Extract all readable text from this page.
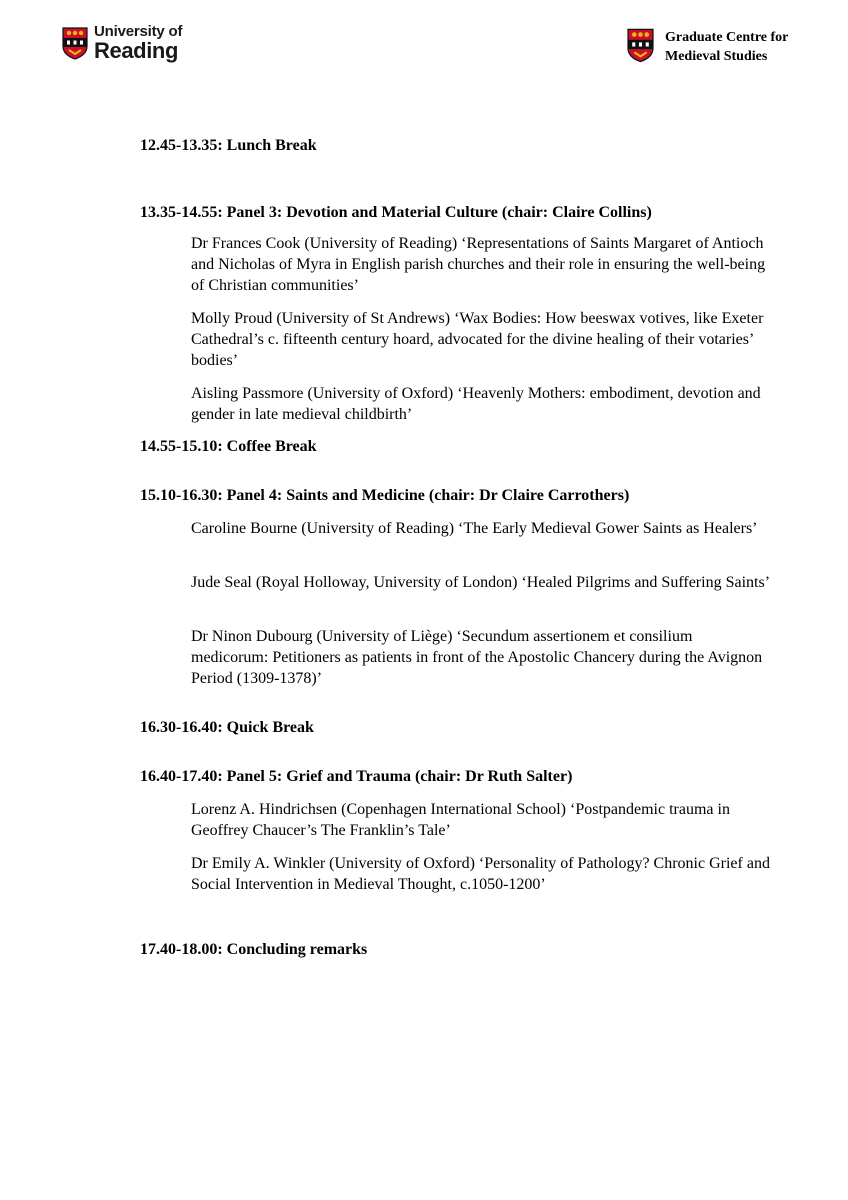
University of
Reading
Graduate Centre for
Medieval Studies
12.45-13.35: Lunch Break
13.35-14.55: Panel 3: Devotion and Material Culture (chair: Claire Collins)
Dr Frances Cook (University of Reading) ‘Representations of Saints Margaret of Antioch and Nicholas of Myra in English parish churches and their role in ensuring the well-being of Christian communities’
Molly Proud (University of St Andrews) ‘Wax Bodies: How beeswax votives, like Exeter Cathedral’s c. fifteenth century hoard, advocated for the divine healing of their votaries’ bodies’
Aisling Passmore (University of Oxford) ‘Heavenly Mothers: embodiment, devotion and gender in late medieval childbirth’
14.55-15.10: Coffee Break
15.10-16.30: Panel 4: Saints and Medicine (chair: Dr Claire Carrothers)
Caroline Bourne (University of Reading) ‘The Early Medieval Gower Saints as Healers’
Jude Seal (Royal Holloway, University of London) ‘Healed Pilgrims and Suffering Saints’
Dr Ninon Dubourg (University of Liège) ‘Secundum assertionem et consilium medicorum: Petitioners as patients in front of the Apostolic Chancery during the Avignon Period (1309-1378)’
16.30-16.40: Quick Break
16.40-17.40: Panel 5: Grief and Trauma (chair: Dr Ruth Salter)
Lorenz A. Hindrichsen (Copenhagen International School) ‘Postpandemic trauma in Geoffrey Chaucer’s The Franklin’s Tale’
Dr Emily A. Winkler (University of Oxford) ‘Personality of Pathology? Chronic Grief and Social Intervention in Medieval Thought, c.1050-1200’
17.40-18.00: Concluding remarks
